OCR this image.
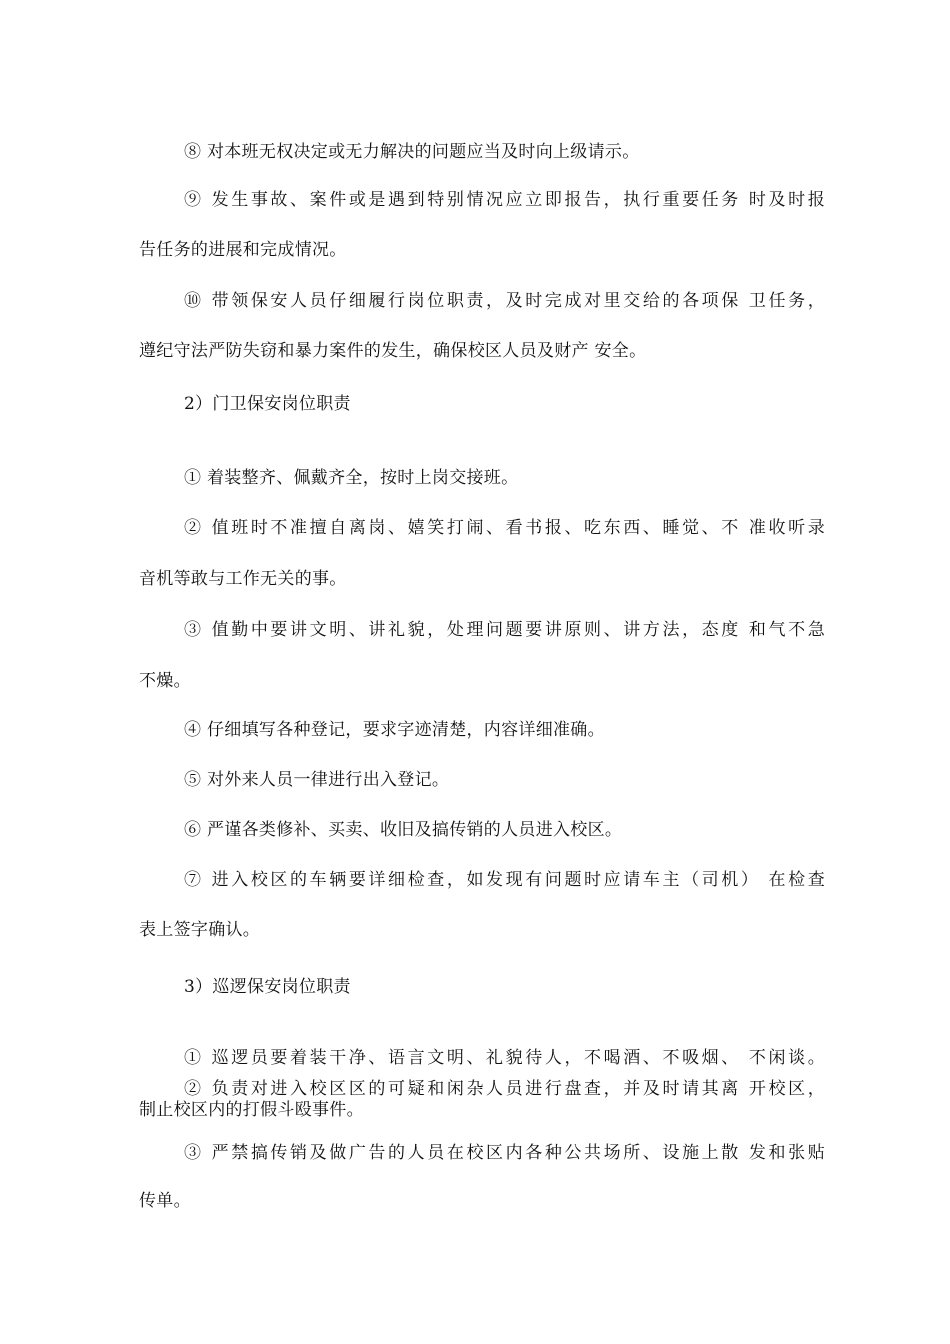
⑧ 对本班无权决定或无力解决的问题应当及时向上级请示。
⑨ 发生事故、案件或是遇到特别情况应立即报告，执行重要任务 时及时报
告任务的进展和完成情况。
⑩ 带领保安人员仔细履行岗位职责，及时完成对里交给的各项保 卫任务，
遵纪守法严防失窃和暴力案件的发生，确保校区人员及财产 安全。
2）门卫保安岗位职责
① 着装整齐、佩戴齐全，按时上岗交接班。
② 值班时不准擅自离岗、嬉笑打闹、看书报、吃东西、睡觉、不 准收听录
音机等敢与工作无关的事。
③ 值勤中要讲文明、讲礼貌，处理问题要讲原则、讲方法，态度 和气不急
不燥。
④ 仔细填写各种登记，要求字迹清楚，内容详细准确。
⑤ 对外来人员一律进行出入登记。
⑥ 严谨各类修补、买卖、收旧及搞传销的人员进入校区。
⑦ 进入校区的车辆要详细检查，如发现有问题时应请车主（司机） 在检查
表上签字确认。
3）巡逻保安岗位职责
① 巡逻员要着装干净、语言文明、礼貌待人，不喝酒、不吸烟、 不闲谈。
② 负责对进入校区区的可疑和闲杂人员进行盘查，并及时请其离 开校区，
制止校区内的打假斗殴事件。
③ 严禁搞传销及做广告的人员在校区内各种公共场所、设施上散 发和张贴
传单。
